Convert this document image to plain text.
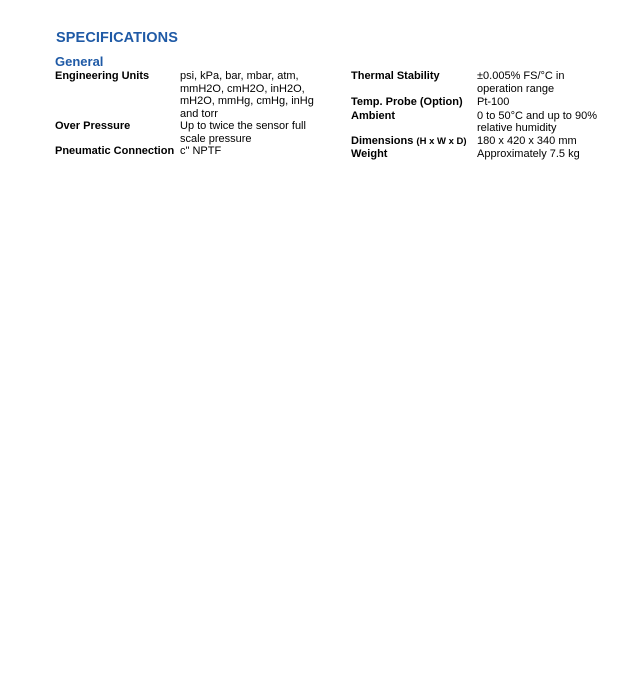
SPECIFICATIONS
General
Engineering Units	psi, kPa, bar, mbar, atm, mmH2O, cmH2O, inH2O, mH2O, mmHg, cmHg, inHg and torr
Over Pressure	Up to twice the sensor full scale pressure
Pneumatic Connection c" NPTF
Thermal Stability	±0.005% FS/°C in operation range
Temp. Probe (Option)	Pt-100
Ambient	0 to 50°C and up to 90% relative humidity
Dimensions (H x W x D) 180 x 420 x 340 mm
Weight	Approximately 7.5 kg
